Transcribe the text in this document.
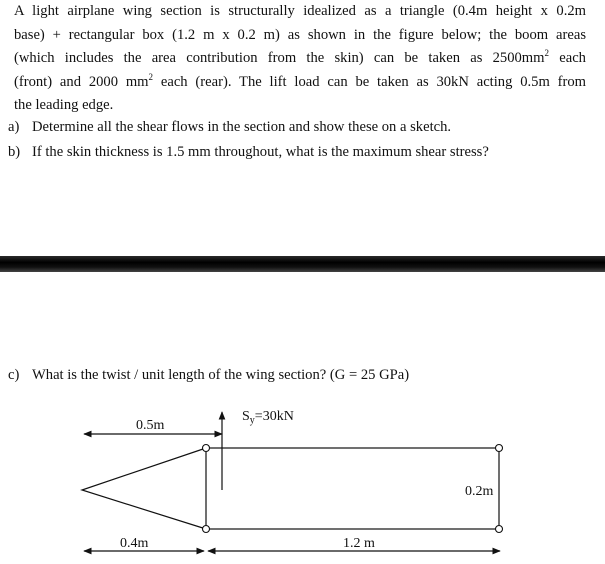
A light airplane wing section is structurally idealized as a triangle (0.4m height x 0.2m
base) + rectangular box (1.2 m x 0.2 m) as shown in the figure below; the boom areas
(which includes the area contribution from the skin) can be taken as $2500mm^2$ each
(front) and 2000 $mm^2$ each (rear). The lift load can be taken as 30kN acting 0.5m from
the leading edge.
a) Determine all the shear flows in the section and show these on a sketch.
b) If the skin thickness is 1.5 mm throughout, what is the maximum shear stress?
c) What is the twist / unit length of the wing section? (G = 25 GPa)
0.5m
$S_y=30kN$
0.2m
0.4m	1.2 m
